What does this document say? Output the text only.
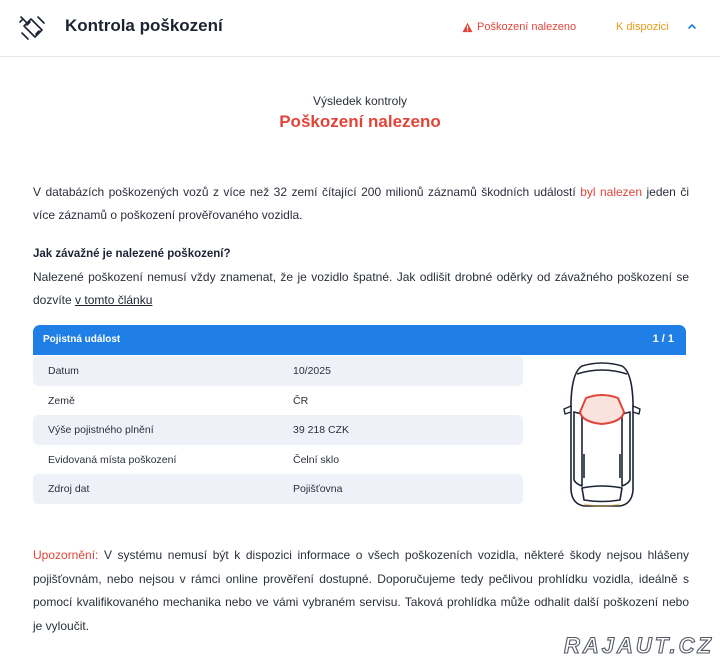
Kontrola poškození	Poškození nalezeno	K dispozici
Výsledek kontroly
Poškození nalezeno
V databázích poškozených vozů z více než 32 zemí čítající 200 milionů záznamů škodních událostí byl nalezen jeden či více záznamů o poškození prověřovaného vozidla.
Jak závažné je nalezené poškození?
Nalezené poškození nemusí vždy znamenat, že je vozidlo špatné. Jak odlišit drobné oděrky od závažného poškození se dozvíte v tomto článku
Pojistná událost	1 / 1
Datum	10/2025
Země	ČR
Výše pojistného plnění	39 218 CZK
Evidovaná místa poškození	Čelní sklo
Zdroj dat	Pojišťovna
Upozornění: V systému nemusí být k dispozici informace o všech poškozeních vozidla, některé škody nejsou hlášeny pojišťovnám, nebo nejsou v rámci online prověření dostupné. Doporučujeme tedy pečlivou prohlídku vozidla, ideálně s pomocí kvalifikovaného mechanika nebo ve vámi vybraném servisu. Taková prohlídka může odhalit další poškození nebo je vyloučit.
RAJAUT.CZ
